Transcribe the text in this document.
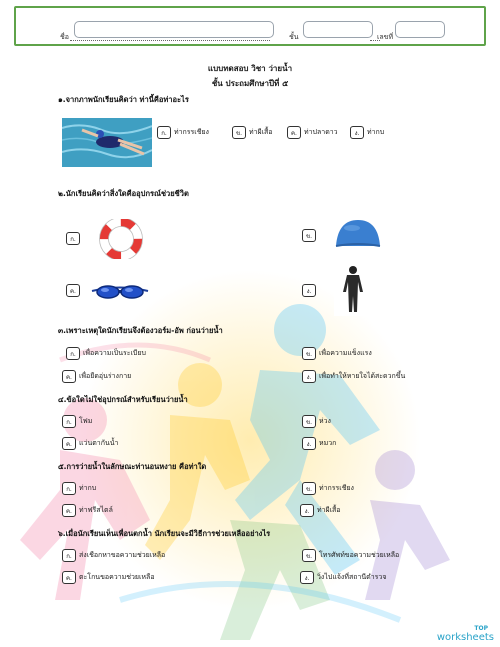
ชื่อ	ชั้น	เลขที่
แบบทดสอบ วิชา ว่ายน้ำ
ชั้น ประถมศึกษาปีที่ ๕
๑.จากภาพนักเรียนคิดว่า ท่านี้คือท่าอะไร
ก.	ท่ากรรเชียง	ข.	ท่าผีเสื้อ	ค.	ท่าปลาดาว	ง.	ท่ากบ
๒.นักเรียนคิดว่าสิ่งใดคืออุปกรณ์ช่วยชีวิต
ก.	ข.
ค.	ง.
๓.เพราะเหตุใดนักเรียนจึงต้องวอร์ม-อัพ ก่อนว่ายน้ำ
ก.	เพื่อความเป็นระเบียบ	ข.	เพื่อความแข็งแรง
ค.	เพื่อยืดอุ่นร่างกาย	ง.	เพื่อทำให้หายใจได้สะดวกขึ้น
๔.ข้อใดไม่ใช่อุปกรณ์สำหรับเรียนว่ายน้ำ
ก.	โฟม	ข.	ห่วง
ค.	แว่นตากันน้ำ	ง.	หมวก
๕.การว่ายน้ำในลักษณะท่านอนหงาย คือท่าใด
ก.	ท่ากบ	ข.	ท่ากรรเชียง
ค.	ท่าฟรีสไตล์	ง.	ท่าผีเสื้อ
๖.เมื่อนักเรียนเห็นเพื่อนตกน้ำ นักเรียนจะมีวิธีการช่วยเหลืออย่างไร
ก.	ส่งเชือกหาขอความช่วยเหลือ	ข.	โทรศัพท์ขอความช่วยเหลือ
ค.	ตะโกนขอความช่วยเหลือ	ง.	วิ่งไปแจ้งที่สถานีตำรวจ
TOP
worksheets
